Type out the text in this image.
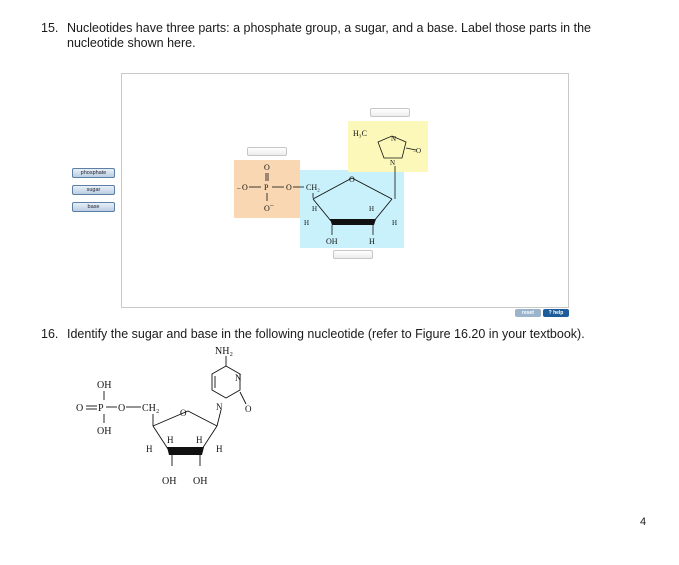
15. Nucleotides have three parts: a phosphate group, a sugar, and a base. Label those parts in the
nucleotide shown here.
O
– O P O
O –
CH₂
O
H
H
H
H
OH	H
H₃C
N
N
O
=
NH₂
N
N	O
OH
O P O CH₂
OH
O
H	H
H	H
OH OH
phosphate
sugar
base
reset	? help
16. Identify the sugar and base in the following nucleotide (refer to Figure 16.20 in your textbook).
4
